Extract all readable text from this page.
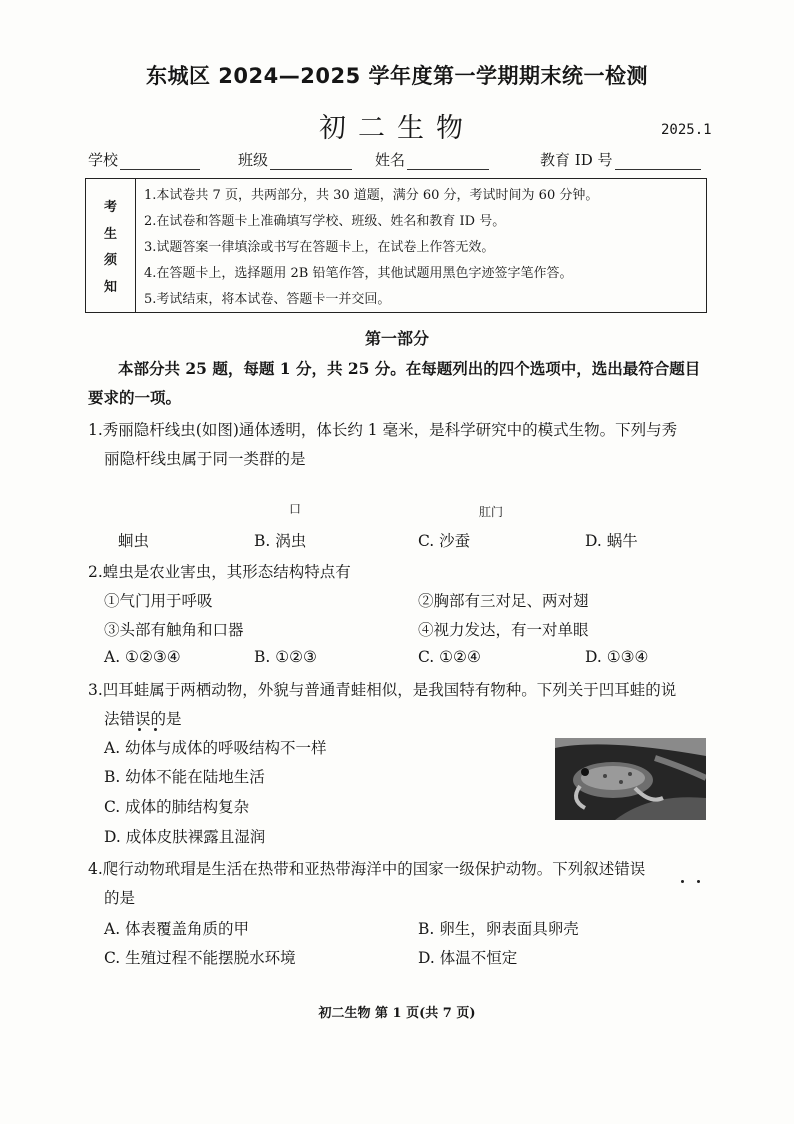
东城区 2024—2025 学年度第一学期期末统一检测
初二生物	2025.1
学校	班级	姓名	教育 ID 号
考
生
须
知
1.本试卷共 7 页，共两部分，共 30 道题，满分 60 分，考试时间为 60 分钟。
2.在试卷和答题卡上准确填写学校、班级、姓名和教育 ID 号。
3.试题答案一律填涂或书写在答题卡上，在试卷上作答无效。
4.在答题卡上，选择题用 2B 铅笔作答，其他试题用黑色字迹签字笔作答。
5.考试结束，将本试卷、答题卡一并交回。
第一部分
本部分共 25 题，每题 1 分，共 25 分。在每题列出的四个选项中，选出最符合题目
要求的一项。
1.秀丽隐杆线虫(如图)通体透明，体长约 1 毫米，是科学研究中的模式生物。下列与秀
丽隐杆线虫属于同一类群的是
口	肛门
蛔虫	B. 涡虫	C. 沙蚕	D. 蜗牛
2.蝗虫是农业害虫，其形态结构特点有
①气门用于呼吸	②胸部有三对足、两对翅
③头部有触角和口器	④视力发达，有一对单眼
A. ①②③④	B. ①②③	C. ①②④	D. ①③④
3.凹耳蛙属于两栖动物，外貌与普通青蛙相似，是我国特有物种。下列关于凹耳蛙的说
法错误的是
A. 幼体与成体的呼吸结构不一样
B. 幼体不能在陆地生活
C. 成体的肺结构复杂
D. 成体皮肤裸露且湿润
4.爬行动物玳瑁是生活在热带和亚热带海洋中的国家一级保护动物。下列叙述错误
的是
A. 体表覆盖角质的甲	B. 卵生，卵表面具卵壳
C. 生殖过程不能摆脱水环境	D. 体温不恒定
初二生物 第 1 页(共 7 页)
